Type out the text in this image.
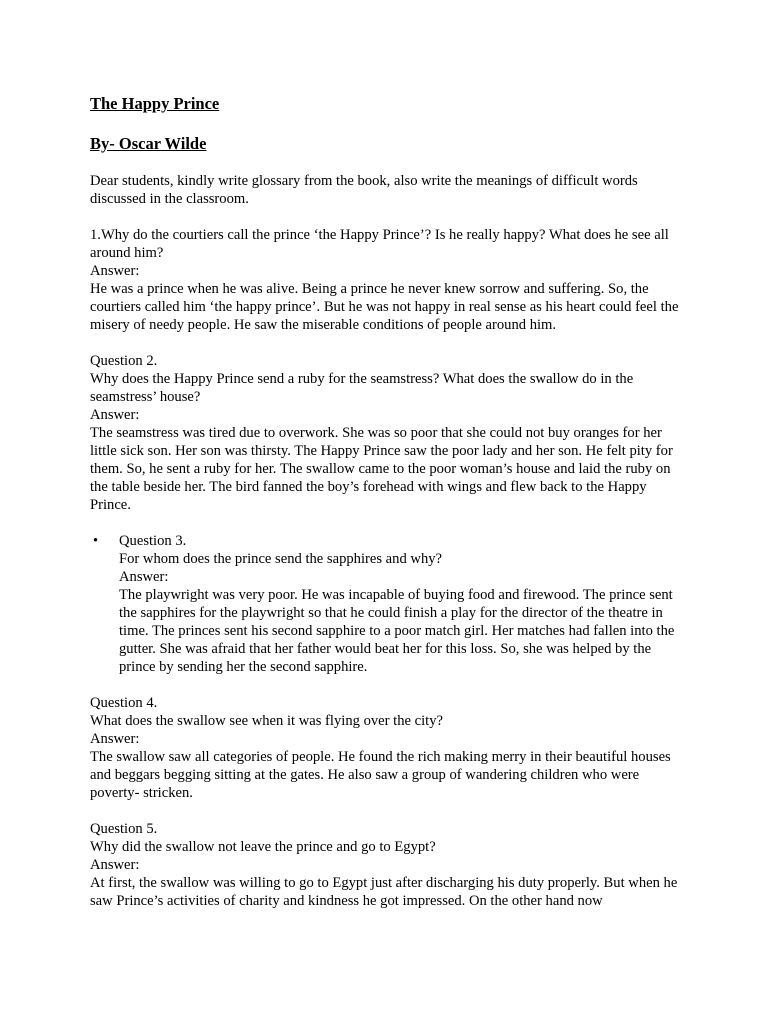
The Happy Prince

By- Oscar Wilde

Dear students, kindly write glossary from the book, also write the meanings of difficult words discussed in the classroom.

1.Why do the courtiers call the prince ‘the Happy Prince’? Is he really happy? What does he see all around him?
Answer:
He was a prince when he was alive. Being a prince he never knew sorrow and suffering. So, the courtiers called him ‘the happy prince’. But he was not happy in real sense as his heart could feel the misery of needy people. He saw the miserable conditions of people around him.
Question 2.
Why does the Happy Prince send a ruby for the seamstress? What does the swallow do in the seamstress’ house?
Answer:
The seamstress was tired due to overwork. She was so poor that she could not buy oranges for her little sick son. Her son was thirsty. The Happy Prince saw the poor lady and her son. He felt pity for them. So, he sent a ruby for her. The swallow came to the poor woman’s house and laid the ruby on the table beside her. The bird fanned the boy’s forehead with wings and flew back to the Happy Prince.
• Question 3.
For whom does the prince send the sapphires and why?
Answer:
The playwright was very poor. He was incapable of buying food and firewood. The prince sent the sapphires for the playwright so that he could finish a play for the director of the theatre in time. The princes sent his second sapphire to a poor match girl. Her matches had fallen into the gutter. She was afraid that her father would beat her for this loss. So, she was helped by the prince by sending her the second sapphire.
Question 4.
What does the swallow see when it was flying over the city?
Answer:
The swallow saw all categories of people. He found the rich making merry in their beautiful houses and beggars begging sitting at the gates. He also saw a group of wandering children who were poverty- stricken.
Question 5.
Why did the swallow not leave the prince and go to Egypt?
Answer:
At first, the swallow was willing to go to Egypt just after discharging his duty properly. But when he saw Prince’s activities of charity and kindness he got impressed. On the other hand now
